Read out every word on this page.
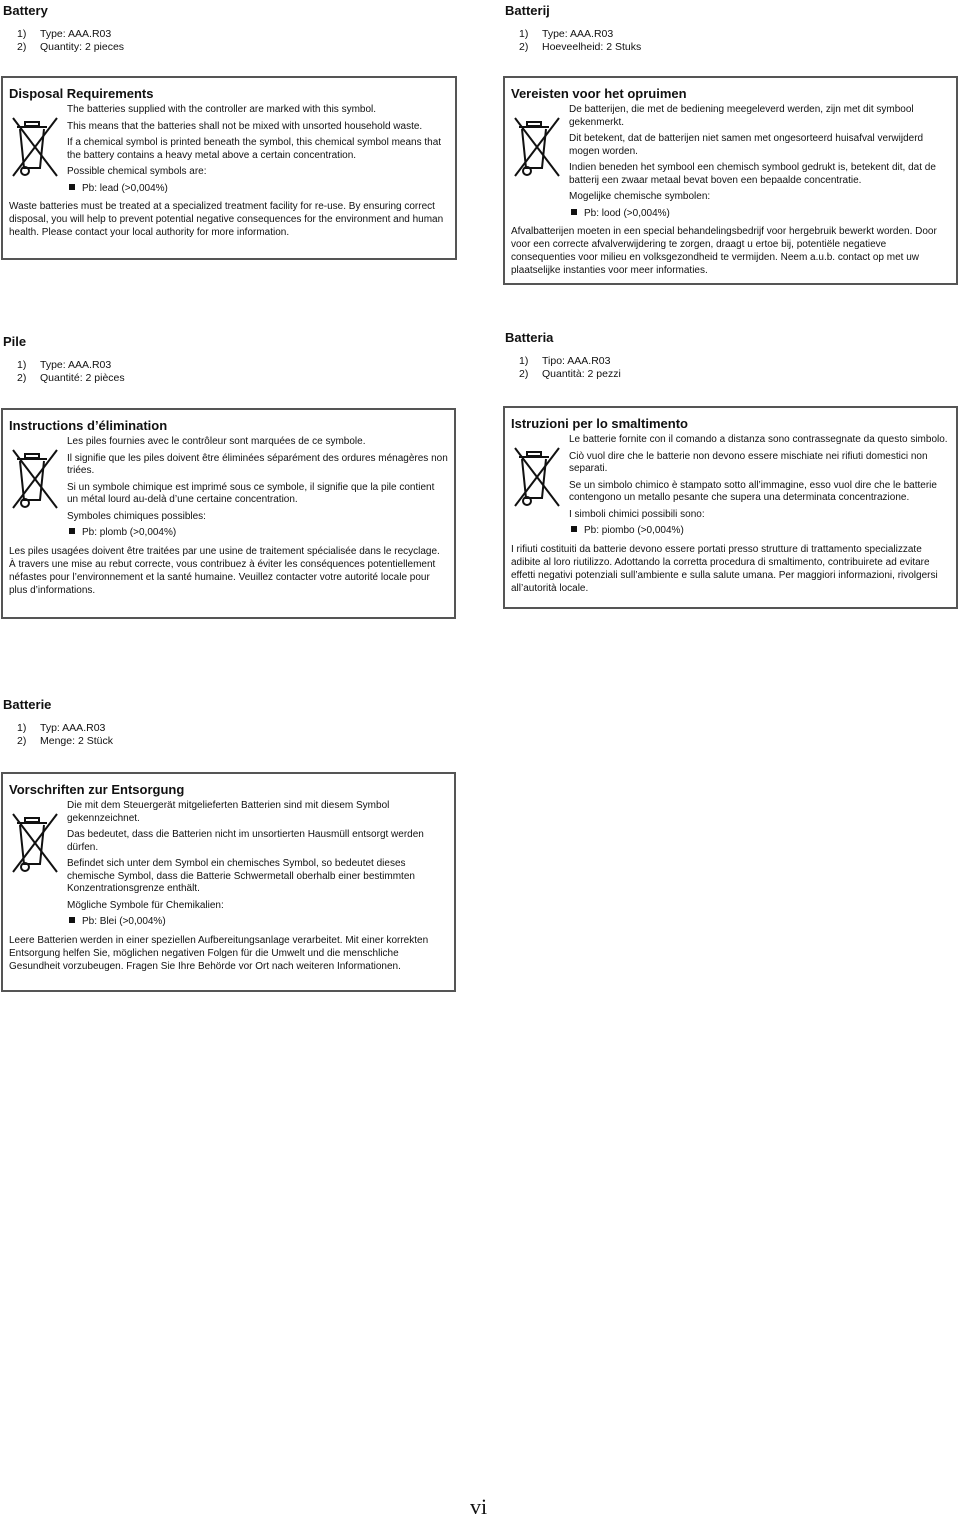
Battery
1) Type: AAA.R03
2) Quantity: 2 pieces
Disposal Requirements

The batteries supplied with the controller are marked with this symbol.

This means that the batteries shall not be mixed with unsorted household waste.

If a chemical symbol is printed beneath the symbol, this chemical symbol means that the battery contains a heavy metal above a certain concentration.

Possible chemical symbols are:

Pb: lead (>0,004%)

Waste batteries must be treated at a specialized treatment facility for re-use. By ensuring correct disposal, you will help to prevent potential negative consequences for the environment and human health. Please contact your local authority for more information.

Batterij
1) Type: AAA.R03
2) Hoeveelheid: 2 Stuks
Vereisten voor het opruimen

De batterijen, die met de bediening meegeleverd werden, zijn met dit symbool gekenmerkt.

Dit betekent, dat de batterijen niet samen met ongesorteerd huisafval verwijderd mogen worden.

Indien beneden het symbool een chemisch symbool gedrukt is, betekent dit, dat de batterij een zwaar metaal bevat boven een bepaalde concentratie.

Mogelijke chemische symbolen:

Pb: lood (>0,004%)

Afvalbatterijen moeten in een special behandelingsbedrijf voor hergebruik bewerkt worden. Door voor een correcte afvalverwijdering te zorgen, draagt u ertoe bij, potentiële negatieve consequenties voor milieu en volksgezondheid te vermijden. Neem a.u.b. contact op met uw plaatselijke instanties voor meer informaties.

Pile
1) Type: AAA.R03
2) Quantité: 2 pièces
Instructions d’élimination

Les piles fournies avec le contrôleur sont marquées de ce symbole.

Il signifie que les piles doivent être éliminées séparément des ordures ménagères non triées.

Si un symbole chimique est imprimé sous ce symbole, il signifie que la pile contient un métal lourd au-delà d’une certaine concentration.

Symboles chimiques possibles:

Pb: plomb (>0,004%)

Les piles usagées doivent être traitées par une usine de traitement spécialisée dans le recyclage. À travers une mise au rebut correcte, vous contribuez à éviter les conséquences potentiellement néfastes pour l’environnement et la santé humaine. Veuillez contacter votre autorité locale pour plus d’informations.

Batteria
1) Tipo: AAA.R03
2) Quantità: 2 pezzi
Istruzioni per lo smaltimento

Le batterie fornite con il comando a distanza sono contrassegnate da questo simbolo.

Ciò vuol dire che le batterie non devono essere mischiate nei rifiuti domestici non separati.

Se un simbolo chimico è stampato sotto all’immagine, esso vuol dire che le batterie contengono un metallo pesante che supera una determinata concentrazione.

I simboli chimici possibili sono:

Pb: piombo (>0,004%)

I rifiuti costituiti da batterie devono essere portati presso strutture di trattamento specializzate adibite al loro riutilizzo. Adottando la corretta procedura di smaltimento, contribuirete ad evitare effetti negativi potenziali sull’ambiente e sulla salute umana. Per maggiori informazioni, rivolgersi all’autorità locale.

Batterie
1) Typ: AAA.R03
2) Menge: 2 Stück
Vorschriften zur Entsorgung

Die mit dem Steuergerät mitgelieferten Batterien sind mit diesem Symbol gekennzeichnet.

Das bedeutet, dass die Batterien nicht im unsortierten Hausmüll entsorgt werden dürfen.

Befindet sich unter dem Symbol ein chemisches Symbol, so bedeutet dieses chemische Symbol, dass die Batterie Schwermetall oberhalb einer bestimmten Konzentrationsgrenze enthält.

Mögliche Symbole für Chemikalien:

Pb: Blei (>0,004%)

Leere Batterien werden in einer speziellen Aufbereitungsanlage verarbeitet. Mit einer korrekten Entsorgung helfen Sie, möglichen negativen Folgen für die Umwelt und die menschliche Gesundheit vorzubeugen. Fragen Sie Ihre Behörde vor Ort nach weiteren Informationen.

vi
